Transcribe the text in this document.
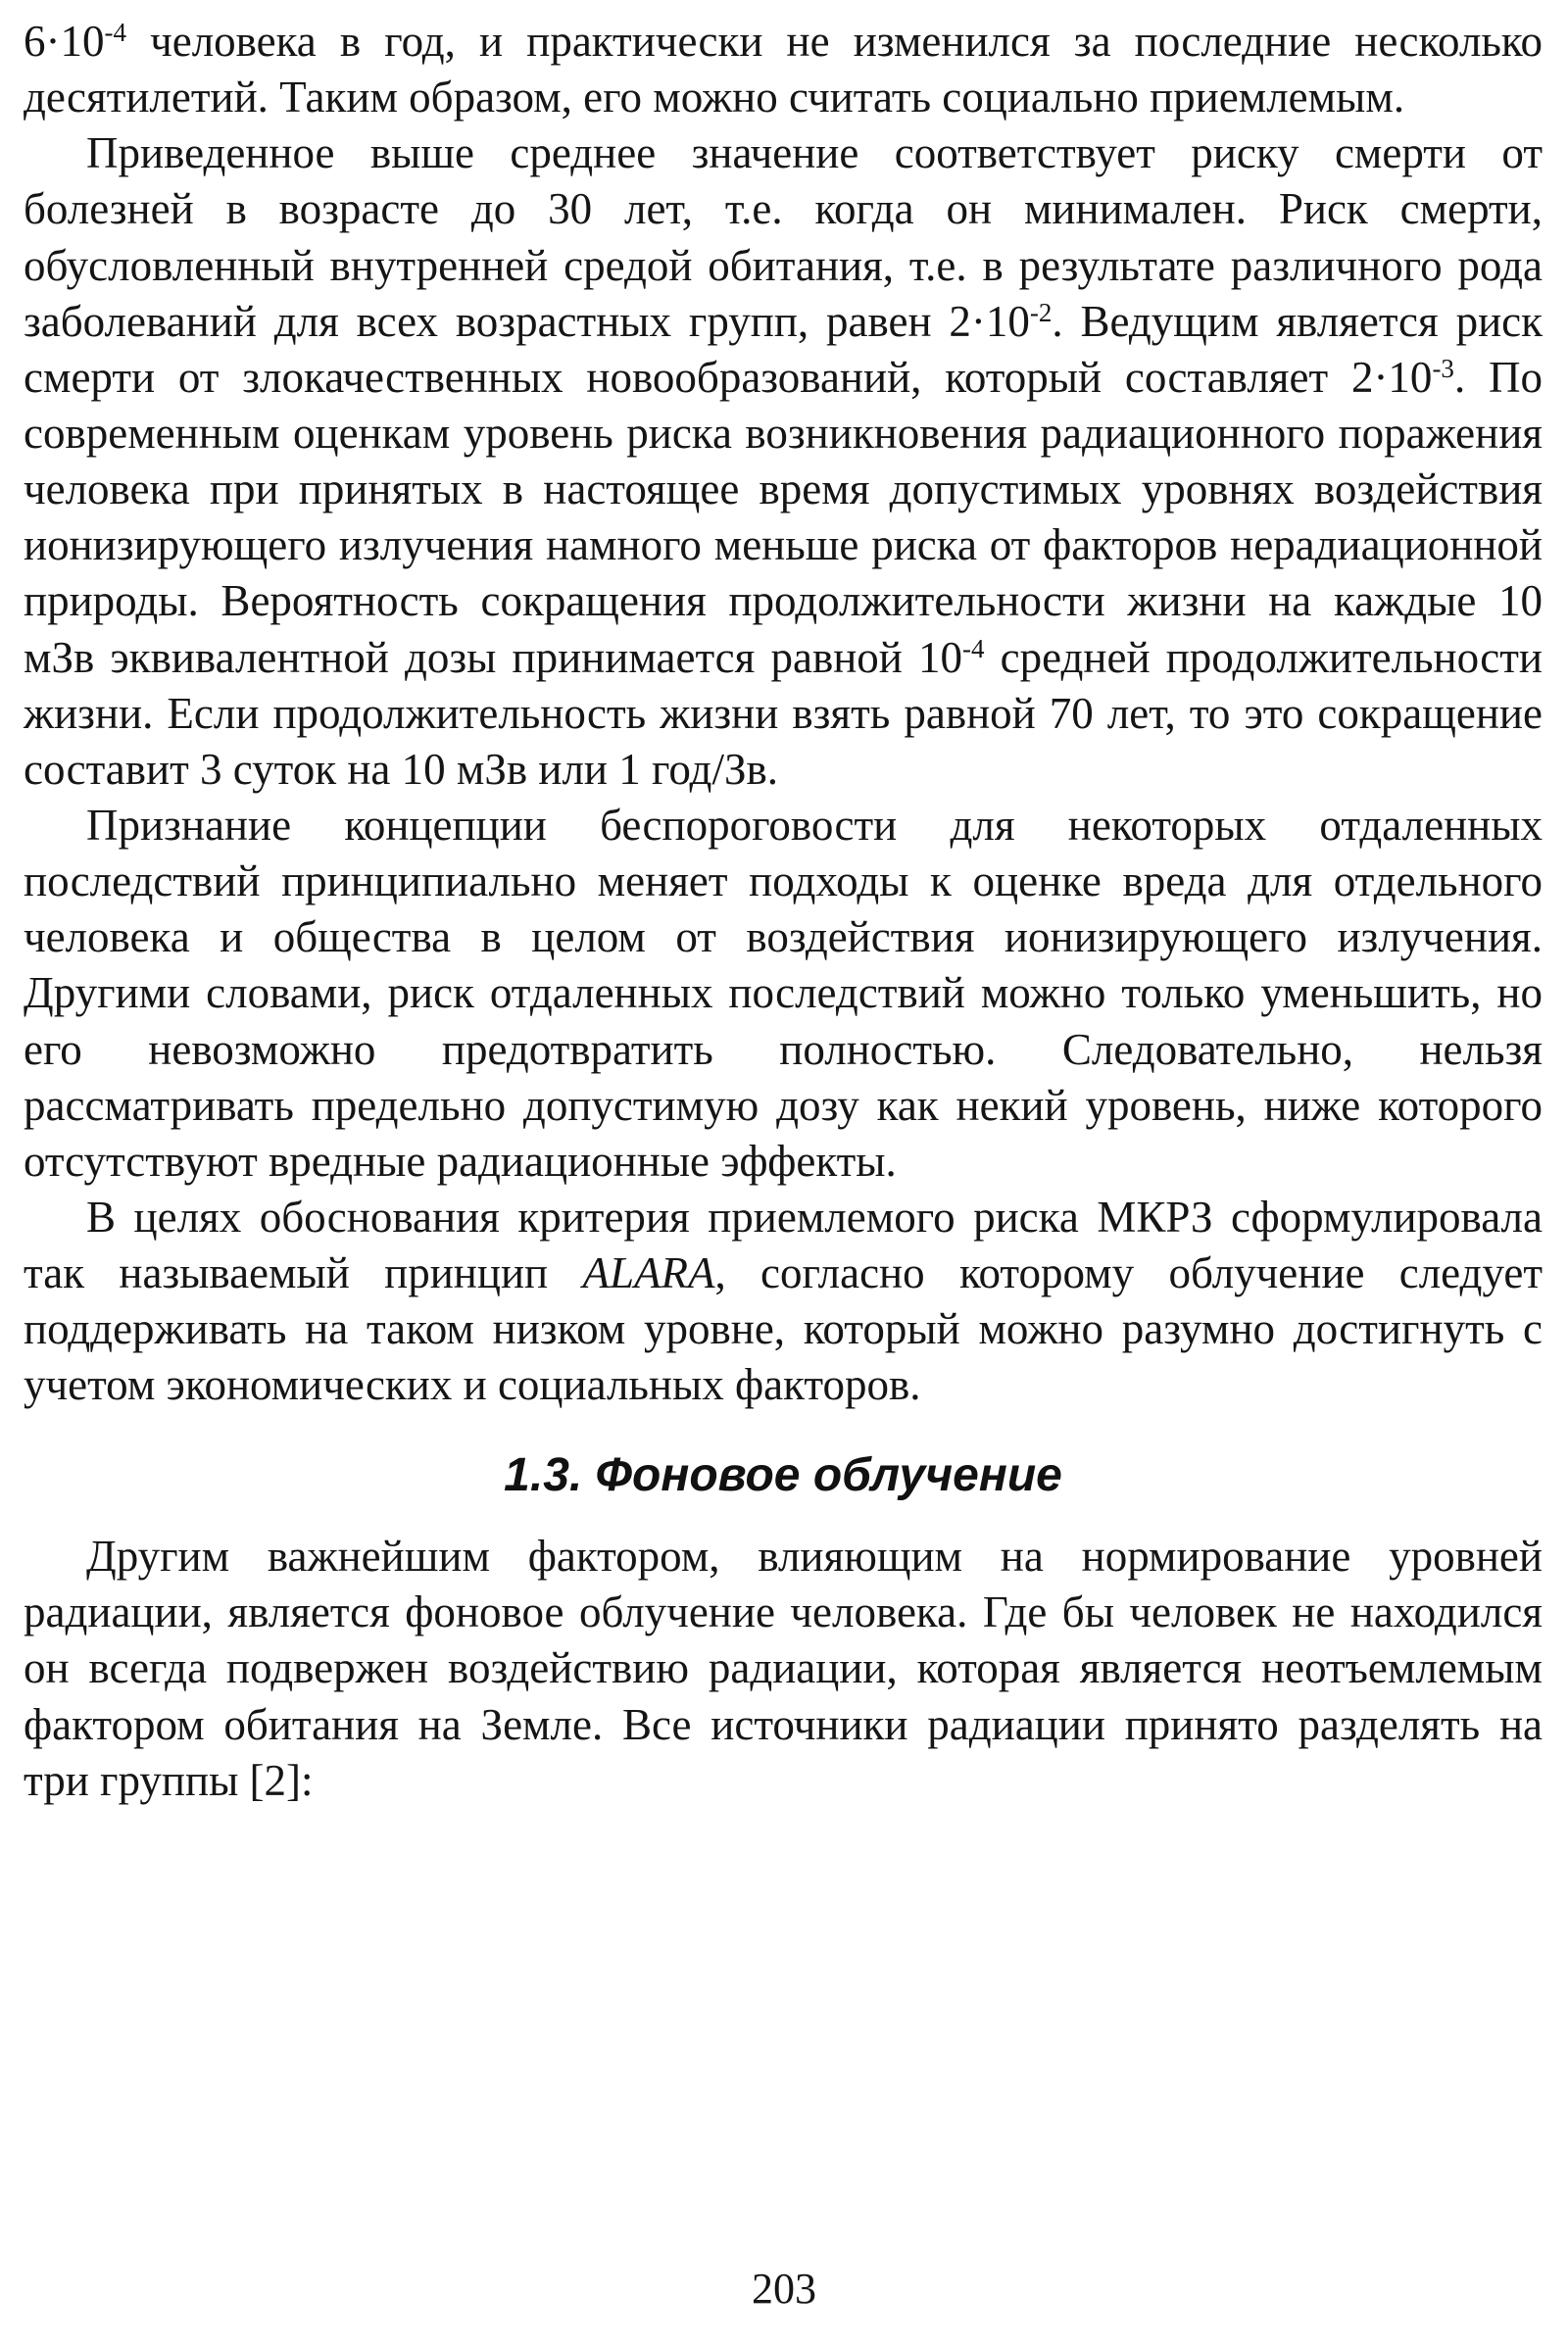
$6\cdot 10^{-4}$ человека в год, и практически не изменился за последние несколько десятилетий. Таким образом, его можно считать социально приемлемым.

Приведенное выше среднее значение соответствует риску смерти от болезней в возрасте до 30 лет, т.е. когда он минимален. Риск смерти, обусловленный внутренней средой обитания, т.е. в результате различного рода заболеваний для всех возрастных групп, равен $2\cdot 10^{-2}$. Ведущим является риск смерти от злокачественных новообразований, который составляет $2\cdot 10^{-3}$. По современным оценкам уровень риска возникновения радиационного поражения человека при принятых в настоящее время допустимых уровнях воздействия ионизирующего излучения намного меньше риска от факторов нерадиационной природы. Вероятность сокращения продолжительности жизни на каждые 10 мЗв эквивалентной дозы принимается равной $10^{-4}$ средней продолжительности жизни. Если продолжительность жизни взять равной 70 лет, то это сокращение составит 3 суток на 10 мЗв или 1 год/Зв.

Признание концепции беспороговости для некоторых отдаленных последствий принципиально меняет подходы к оценке вреда для отдельного человека и общества в целом от воздействия ионизирующего излучения. Другими словами, риск отдаленных последствий можно только уменьшить, но его невозможно предотвратить полностью. Следовательно, нельзя рассматривать предельно допустимую дозу как некий уровень, ниже которого отсутствуют вредные радиационные эффекты.

В целях обоснования критерия приемлемого риска МКРЗ сформулировала так называемый принцип ALARA, согласно которому облучение следует поддерживать на таком низком уровне, который можно разумно достигнуть с учетом экономических и социальных факторов.

1.3. Фоновое облучение

Другим важнейшим фактором, влияющим на нормирование уровней радиации, является фоновое облучение человека. Где бы человек не находился он всегда подвержен воздействию радиации, которая является неотъемлемым фактором обитания на Земле. Все источники радиации принято разделять на три группы [2]:

203
